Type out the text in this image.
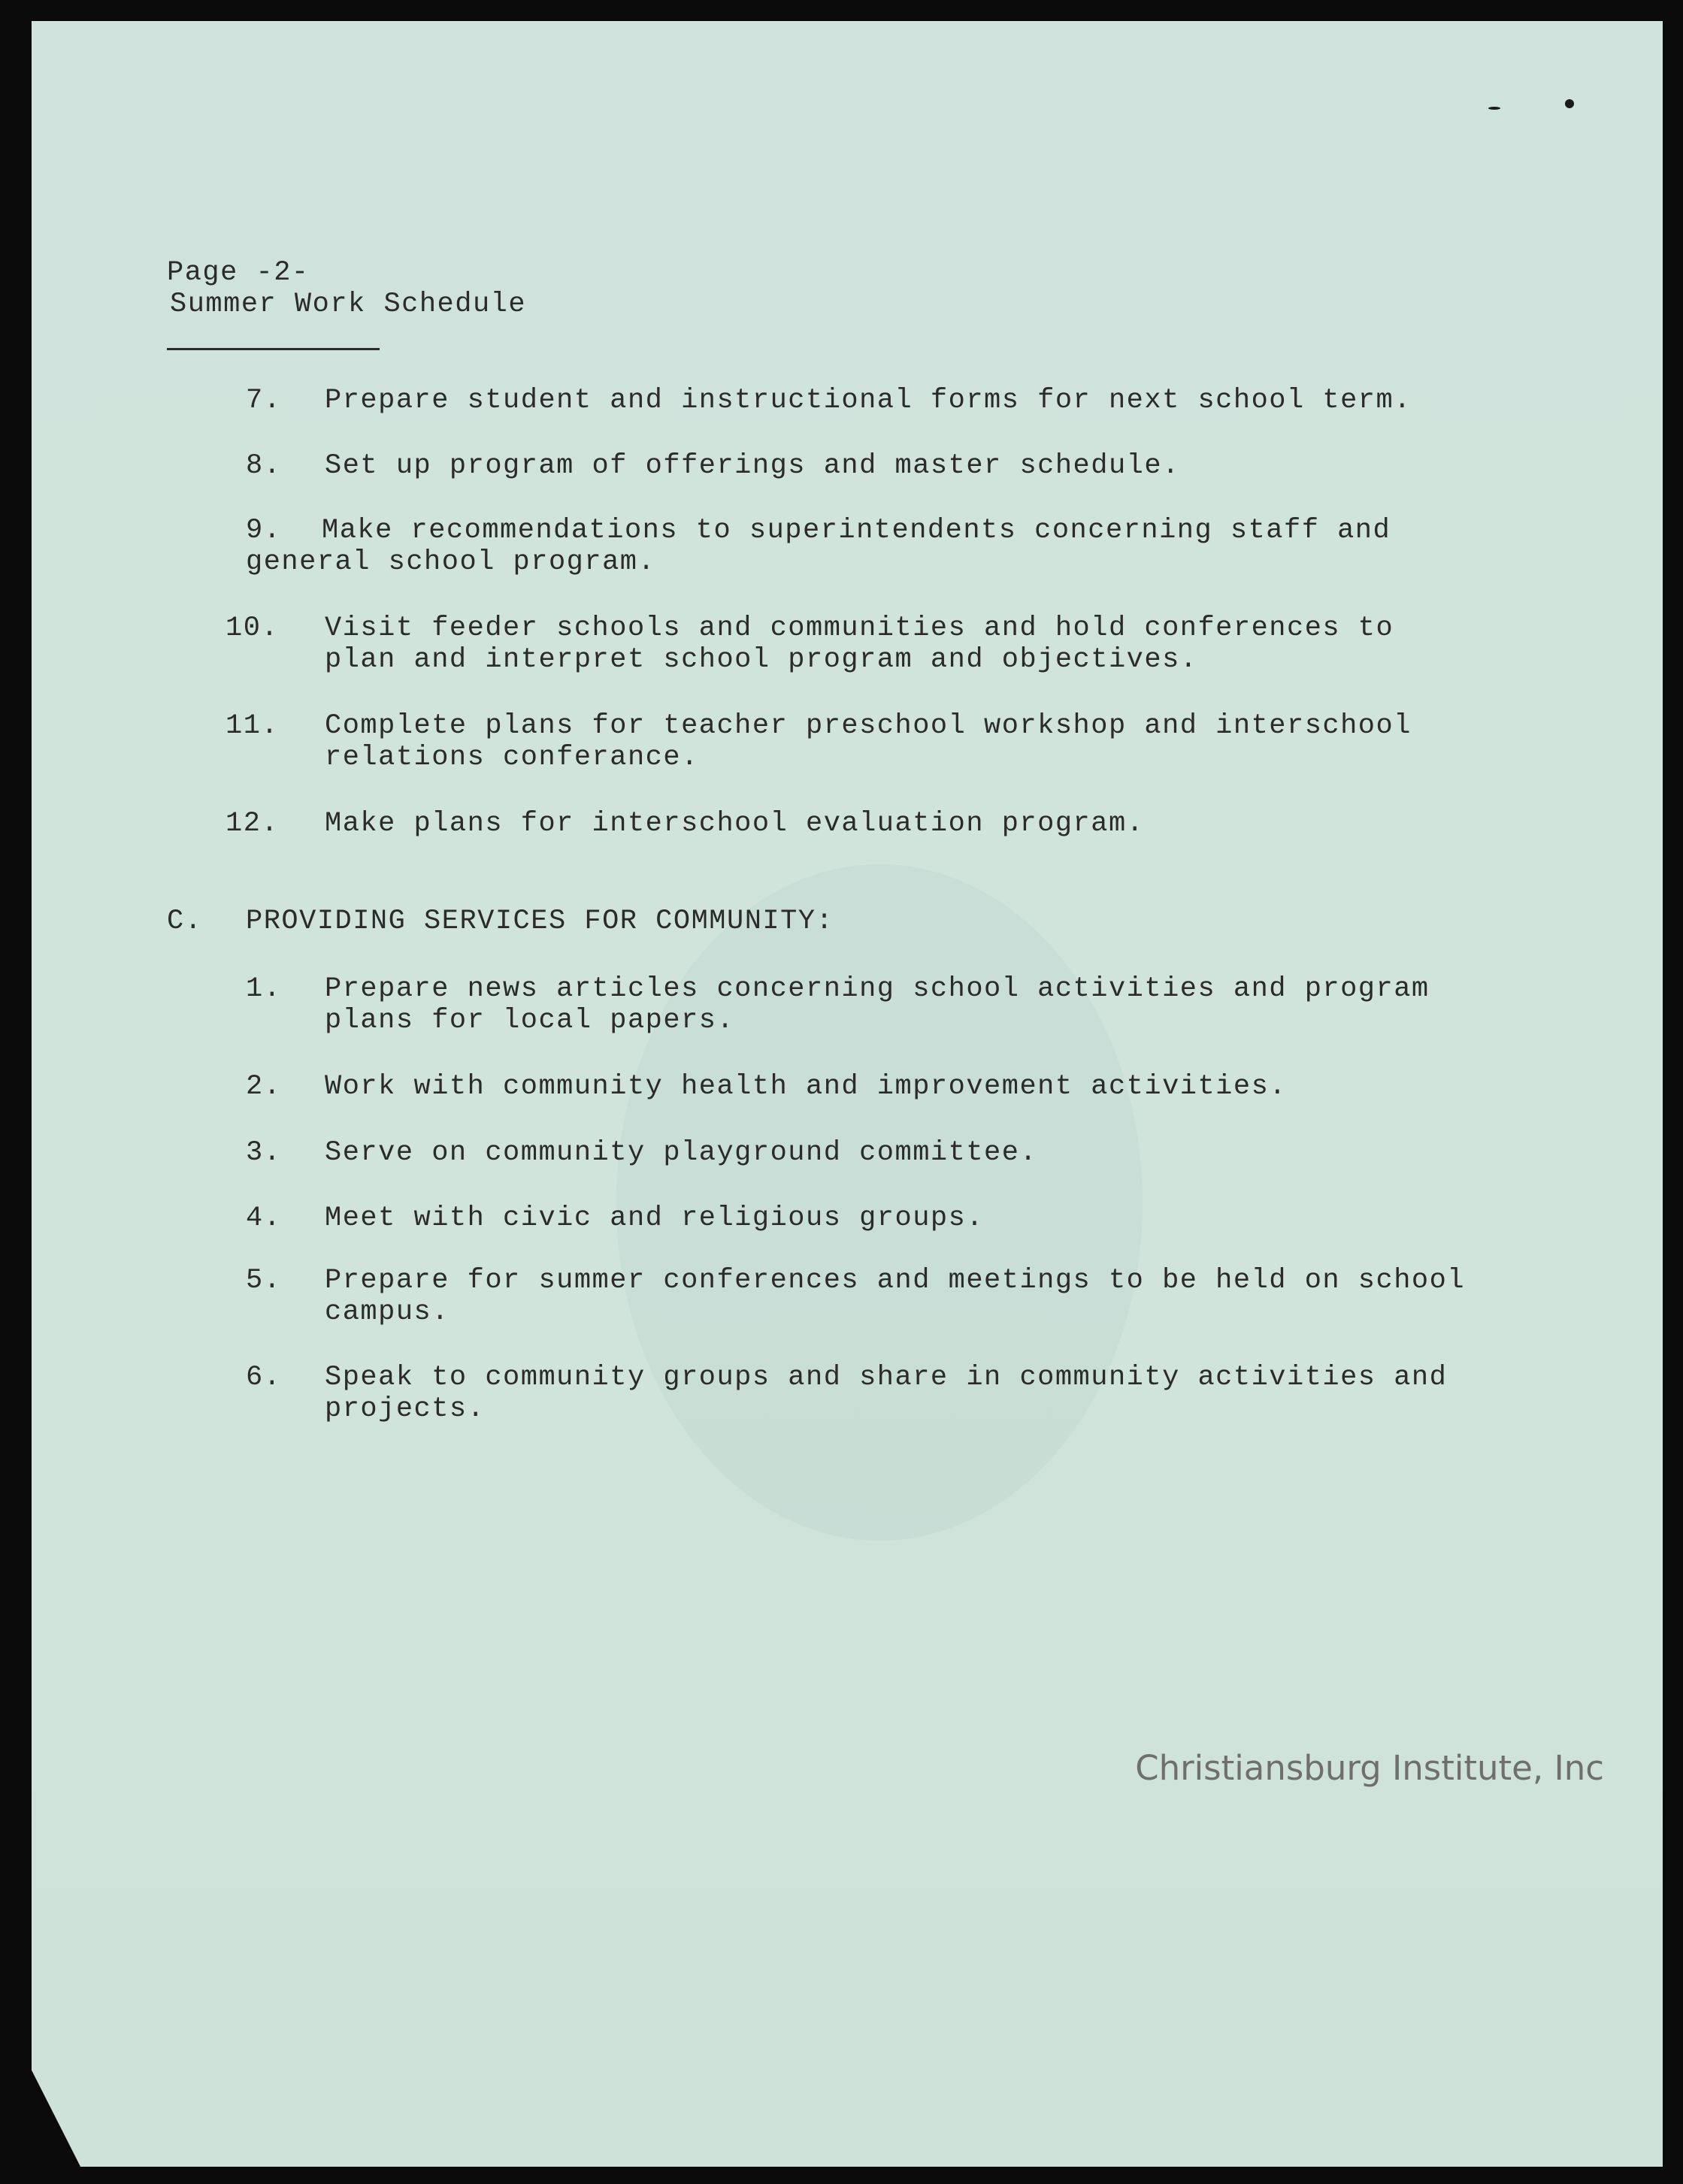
Page -2-
Summer Work Schedule
7. Prepare student and instructional forms for next school term.
8. Set up program of offerings and master schedule.
9. Make recommendations to superintendents concerning staff and
general school program.
10. Visit feeder schools and communities and hold conferences to
plan and interpret school program and objectives.
11. Complete plans for teacher preschool workshop and interschool
relations conferance.
12. Make plans for interschool evaluation program.
C. PROVIDING SERVICES FOR COMMUNITY:
1. Prepare news articles concerning school activities and program
plans for local papers.
2. Work with community health and improvement activities.
3. Serve on community playground committee.
4. Meet with civic and religious groups.
5. Prepare for summer conferences and meetings to be held on school
campus.
6. Speak to community groups and share in community activities and
projects.
Christiansburg Institute, Inc
